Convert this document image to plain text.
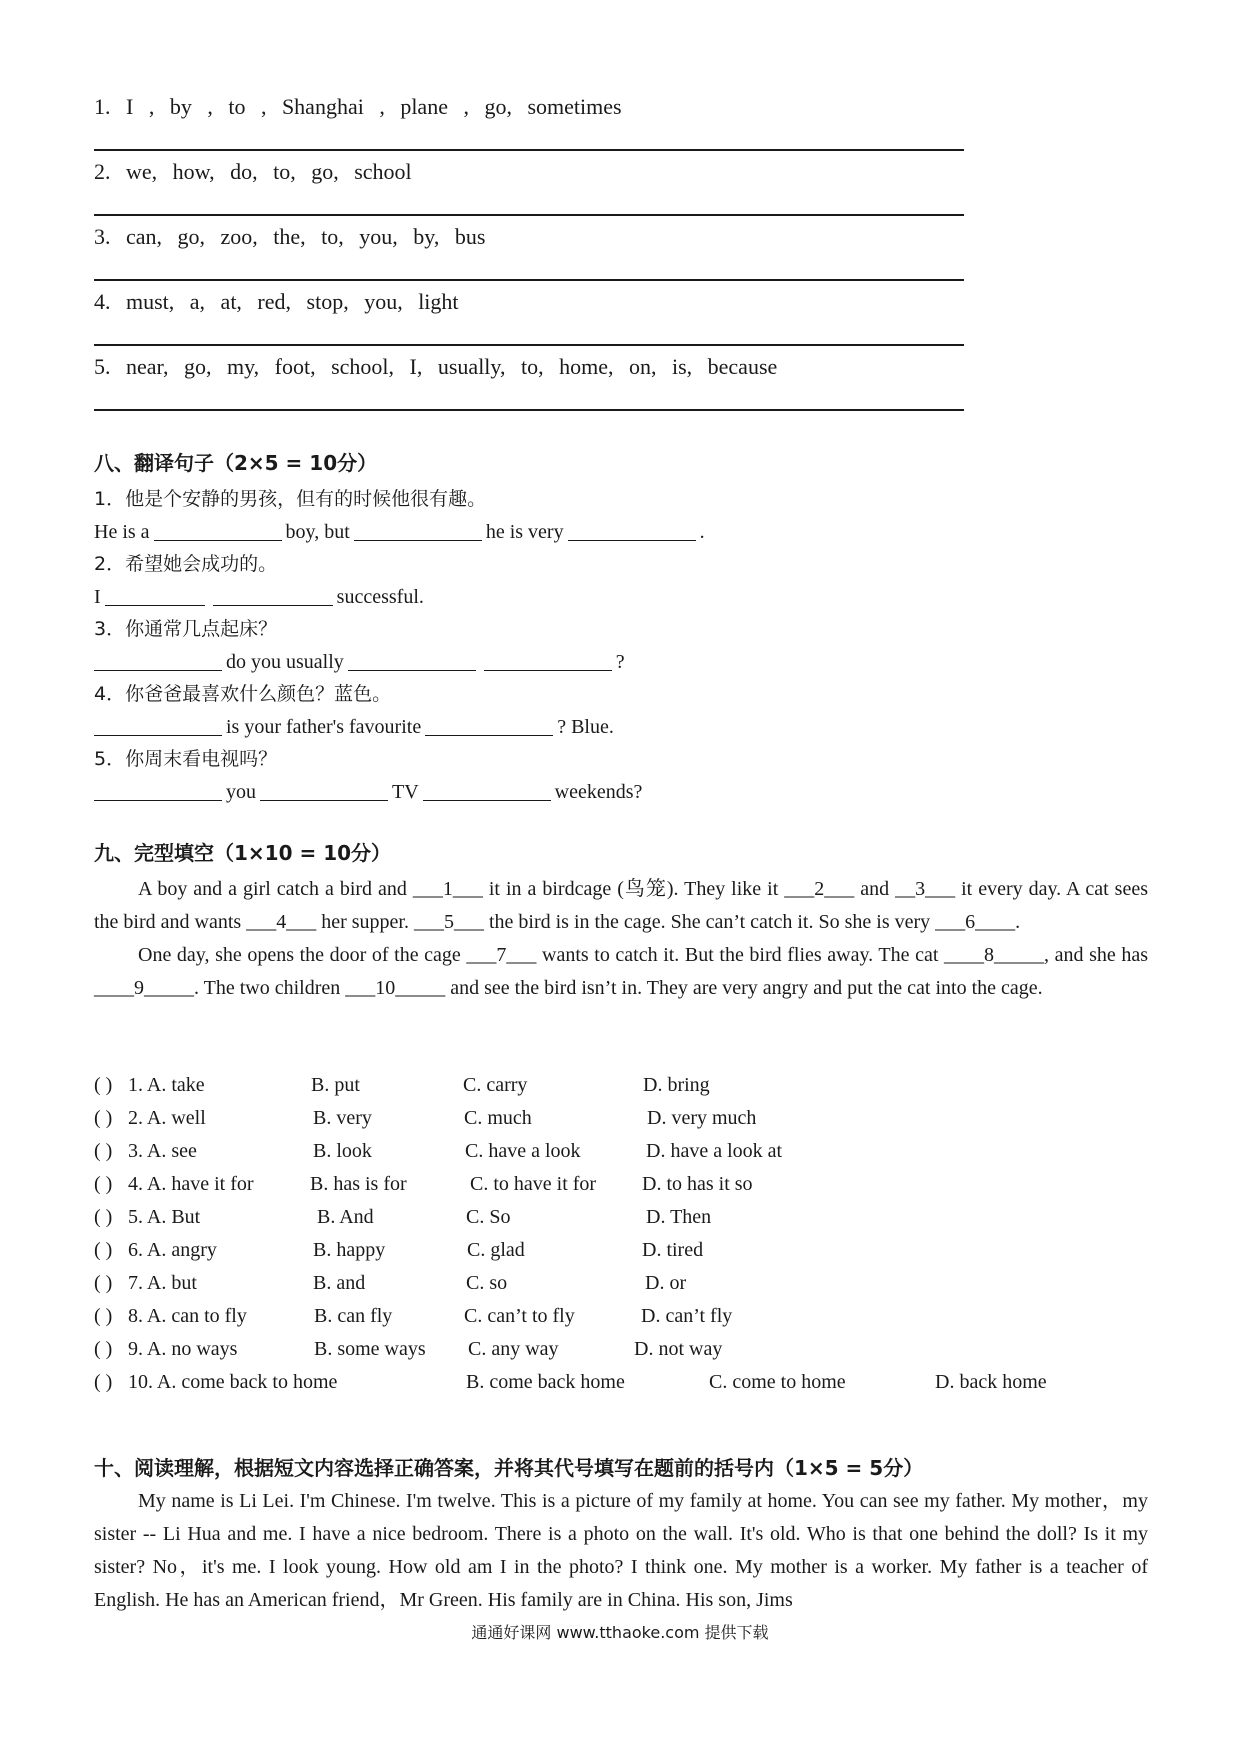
1. I , by , to , Shanghai , plane , go, sometimes
2. we, how, do, to, go, school
3. can, go, zoo, the, to, you, by, bus
4. must, a, at, red, stop, you, light
5. near, go, my, foot, school, I, usually, to, home, on, is, because
八、翻译句子（2×5 = 10分）
1．他是个安静的男孩，但有的时候他很有趣。
He is a	boy, but	he is very	.
2．希望她会成功的。
I	successful.
3．你通常几点起床？
do you usually	?
4．你爸爸最喜欢什么颜色？蓝色。
is your father's favourite	? Blue.
5．你周末看电视吗？
you	TV	weekends?
九、完型填空（1×10 = 10分）

A boy and a girl catch a bird and ___1___ it in a birdcage (鸟笼). They like it ___2___ and __3___ it every day. A cat sees the bird and wants ___4___ her supper. ___5___ the bird is in the cage. She can’t catch it. So she is very ___6____.

One day, she opens the door of the cage ___7___ wants to catch it. But the bird flies away. The cat ____8_____, and she has ____9_____. The two children ___10_____ and see the bird isn’t in. They are very angry and put the cat into the cage.

( ) 1. A. take	B. put	C. carry	D. bring
( ) 2. A. well	B. very	C. much	D. very much
( ) 3. A. see	B. look	C. have a look	D. have a look at
( ) 4. A. have it for	B. has is for	C. to have it for D. to has it so
( ) 5. A. But	B. And	C. So	D. Then
( ) 6. A. angry	B. happy	C. glad	D. tired
( ) 7. A. but	B. and	C. so	D. or
( ) 8. A. can to fly	B. can fly	C. can’t to fly	D. can’t fly
( ) 9. A. no ways	B. some ways C. any way	D. not way
( ) 10. A. come back to home	B. come back home	C. come to home	D. back home
十、阅读理解，根据短文内容选择正确答案，并将其代号填写在题前的括号内（1×5 = 5分）

My name is Li Lei. I'm Chinese. I'm twelve. This is a picture of my family at home. You can see my father. My mother，my sister -- Li Hua and me. I have a nice bedroom. There is a photo on the wall. It's old. Who is that one behind the doll? Is it my sister? No，it's me. I look young. How old am I in the photo? I think one. My mother is a worker. My father is a teacher of English. He has an American friend，Mr Green. His family are in China. His son, Jims

通通好课网 www.tthaoke.com 提供下载
